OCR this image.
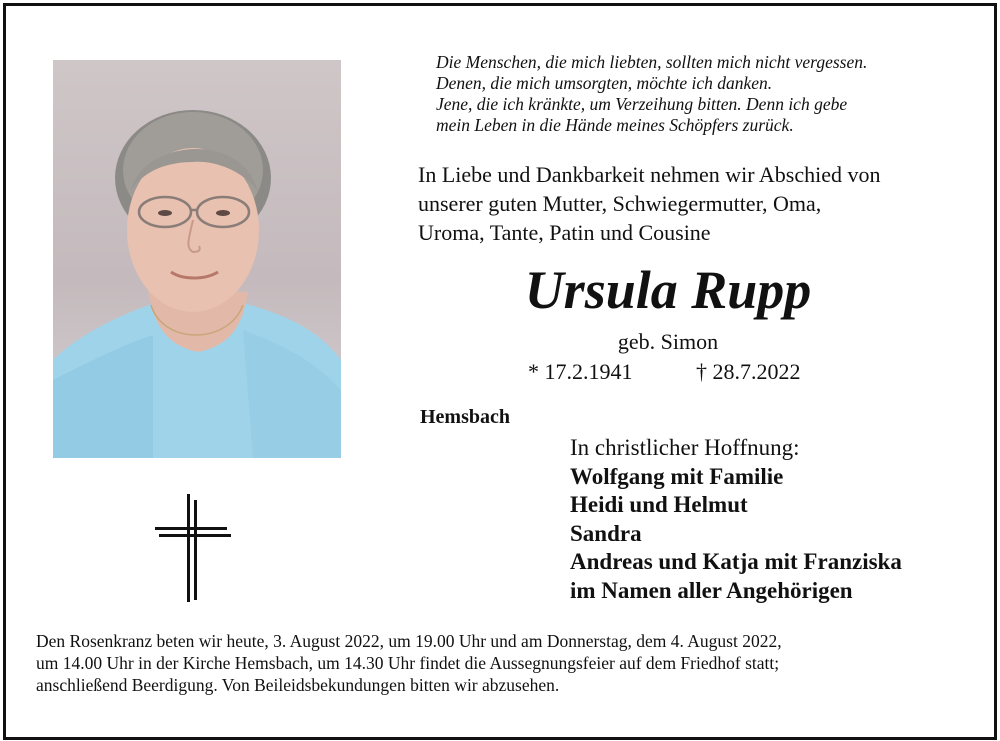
Die Menschen, die mich liebten, sollten mich nicht vergessen.
Denen, die mich umsorgten, möchte ich danken.
Jene, die ich kränkte, um Verzeihung bitten. Denn ich gebe
mein Leben in die Hände meines Schöpfers zurück.
In Liebe und Dankbarkeit nehmen wir Abschied von
unserer guten Mutter, Schwiegermutter, Oma,
Uroma, Tante, Patin und Cousine
Ursula Rupp
geb. Simon
* 17.2.1941	† 28.7.2022
Hemsbach
In christlicher Hoffnung:
Wolfgang mit Familie
Heidi und Helmut
Sandra
Andreas und Katja mit Franziska
im Namen aller Angehörigen
Den Rosenkranz beten wir heute, 3. August 2022, um 19.00 Uhr und am Donnerstag, dem 4. August 2022,
um 14.00 Uhr in der Kirche Hemsbach, um 14.30 Uhr findet die Aussegnungsfeier auf dem Friedhof statt;
anschließend Beerdigung. Von Beileidsbekundungen bitten wir abzusehen.
